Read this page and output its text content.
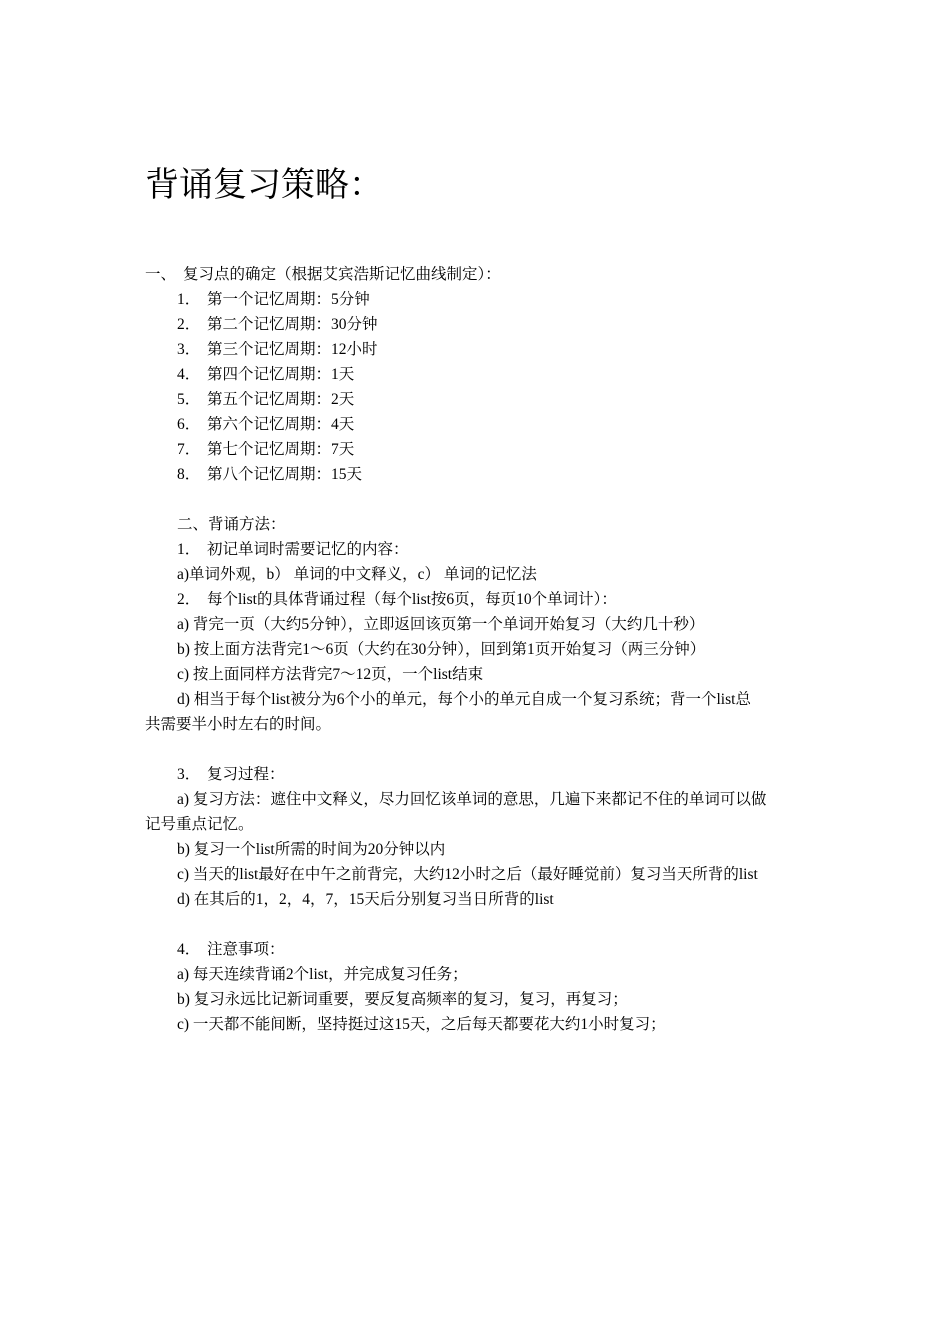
背诵复习策略：
一、 复习点的确定（根据艾宾浩斯记忆曲线制定）：
1． 第一个记忆周期：5分钟
2． 第二个记忆周期：30分钟
3． 第三个记忆周期：12小时
4． 第四个记忆周期：1天
5． 第五个记忆周期：2天
6． 第六个记忆周期：4天
7． 第七个记忆周期：7天
8． 第八个记忆周期：15天
二、背诵方法：
1． 初记单词时需要记忆的内容：
a)单词外观，b） 单词的中文释义，c） 单词的记忆法
2． 每个list的具体背诵过程（每个list按6页，每页10个单词计）：
a) 背完一页（大约5分钟），立即返回该页第一个单词开始复习（大约几十秒）
b) 按上面方法背完1～6页（大约在30分钟），回到第1页开始复习（两三分钟）
c) 按上面同样方法背完7～12页，一个list结束
d) 相当于每个list被分为6个小的单元，每个小的单元自成一个复习系统；背一个list总
共需要半小时左右的时间。
3． 复习过程：
a) 复习方法：遮住中文释义，尽力回忆该单词的意思，几遍下来都记不住的单词可以做
记号重点记忆。
b) 复习一个list所需的时间为20分钟以内
c) 当天的list最好在中午之前背完，大约12小时之后（最好睡觉前）复习当天所背的list
d) 在其后的1，2，4，7，15天后分别复习当日所背的list
4． 注意事项：
a) 每天连续背诵2个list，并完成复习任务；
b) 复习永远比记新词重要，要反复高频率的复习，复习，再复习；
c) 一天都不能间断，坚持挺过这15天，之后每天都要花大约1小时复习；
